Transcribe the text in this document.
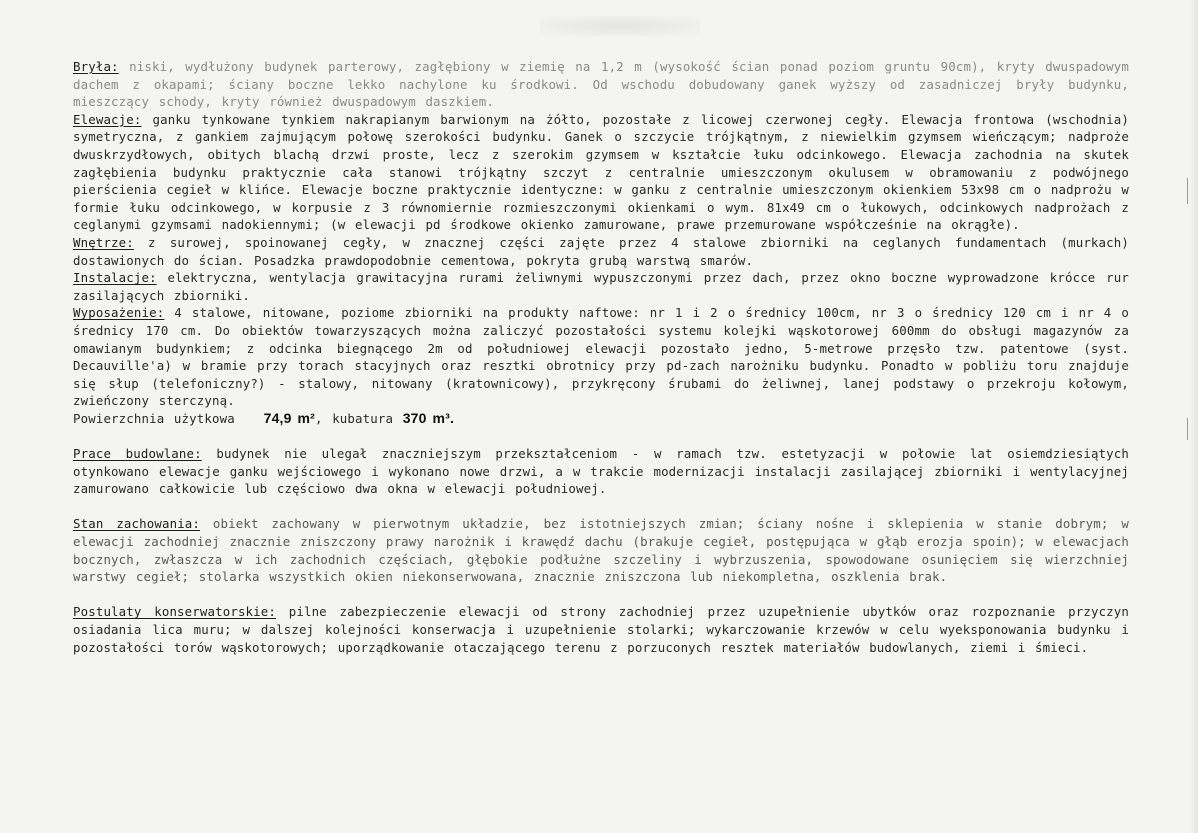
Bryła: niski, wydłużony budynek parterowy, zagłębiony w ziemię na 1,2 m (wysokość ścian ponad poziom gruntu 90cm), kryty dwuspadowym dachem z okapami; ściany boczne lekko nachylone ku środkowi. Od wschodu dobudowany ganek wyższy od zasadniczej bryły budynku, mieszczący schody, kryty również dwuspadowym daszkiem.

Elewacje: ganku tynkowane tynkiem nakrapianym barwionym na żółto, pozostałe z licowej czerwonej cegły. Elewacja frontowa (wschodnia) symetryczna, z gankiem zajmującym połowę szerokości budynku. Ganek o szczycie trójkątnym, z niewielkim gzymsem wieńczącym; nadproże dwuskrzydłowych, obitych blachą drzwi proste, lecz z szerokim gzymsem w kształcie łuku odcinkowego. Elewacja zachodnia na skutek zagłębienia budynku praktycznie cała stanowi trójkątny szczyt z centralnie umieszczonym okulusem w obramowaniu z podwójnego pierścienia cegieł w klińce. Elewacje boczne praktycznie identyczne: w ganku z centralnie umieszczonym okienkiem 53x98 cm o nadprożu w formie łuku odcinkowego, w korpusie z 3 równomiernie rozmieszczonymi okienkami o wym. 81x49 cm o łukowych, odcinkowych nadprożach z ceglanymi gzymsami nadokiennymi; (w elewacji pd środkowe okienko zamurowane, prawe przemurowane współcześnie na okrągłe).

Wnętrze: z surowej, spoinowanej cegły, w znacznej części zajęte przez 4 stalowe zbiorniki na ceglanych fundamentach (murkach) dostawionych do ścian. Posadzka prawdopodobnie cementowa, pokryta grubą warstwą smarów.

Instalacje: elektryczna, wentylacja grawitacyjna rurami żeliwnymi wypuszczonymi przez dach, przez okno boczne wyprowadzone krócce rur zasilających zbiorniki.

Wyposażenie: 4 stalowe, nitowane, poziome zbiorniki na produkty naftowe: nr 1 i 2 o średnicy 100cm, nr 3 o średnicy 120 cm i nr 4 o średnicy 170 cm. Do obiektów towarzyszących można zaliczyć pozostałości systemu kolejki wąskotorowej 600mm do obsługi magazynów za omawianym budynkiem; z odcinka biegnącego 2m od południowej elewacji pozostało jedno, 5-metrowe przęsło tzw. patentowe (syst. Decauville'a) w bramie przy torach stacyjnych oraz resztki obrotnicy przy pd-zach narożniku budynku. Ponadto w pobliżu toru znajduje się słup (telefoniczny?) - stalowy, nitowany (kratownicowy), przykręcony śrubami do żeliwnej, lanej podstawy o przekroju kołowym, zwieńczony sterczyną.

Powierzchnia użytkowa 74,9 m², kubatura 370 m³.

Prace budowlane: budynek nie ulegał znaczniejszym przekształceniom - w ramach tzw. estetyzacji w połowie lat osiemdziesiątych otynkowano elewacje ganku wejściowego i wykonano nowe drzwi, a w trakcie modernizacji instalacji zasilającej zbiorniki i wentylacyjnej zamurowano całkowicie lub częściowo dwa okna w elewacji południowej.

Stan zachowania: obiekt zachowany w pierwotnym układzie, bez istotniejszych zmian; ściany nośne i sklepienia w stanie dobrym; w elewacji zachodniej znacznie zniszczony prawy narożnik i krawędź dachu (brakuje cegieł, postępująca w głąb erozja spoin); w elewacjach bocznych, zwłaszcza w ich zachodnich częściach, głębokie podłużne szczeliny i wybrzuszenia, spowodowane osunięciem się wierzchniej warstwy cegieł; stolarka wszystkich okien niekonserwowana, znacznie zniszczona lub niekompletna, oszklenia brak.

Postulaty konserwatorskie: pilne zabezpieczenie elewacji od strony zachodniej przez uzupełnienie ubytków oraz rozpoznanie przyczyn osiadania lica muru; w dalszej kolejności konserwacja i uzupełnienie stolarki; wykarczowanie krzewów w celu wyeksponowania budynku i pozostałości torów wąskotorowych; uporządkowanie otaczającego terenu z porzuconych resztek materiałów budowlanych, ziemi i śmieci.
